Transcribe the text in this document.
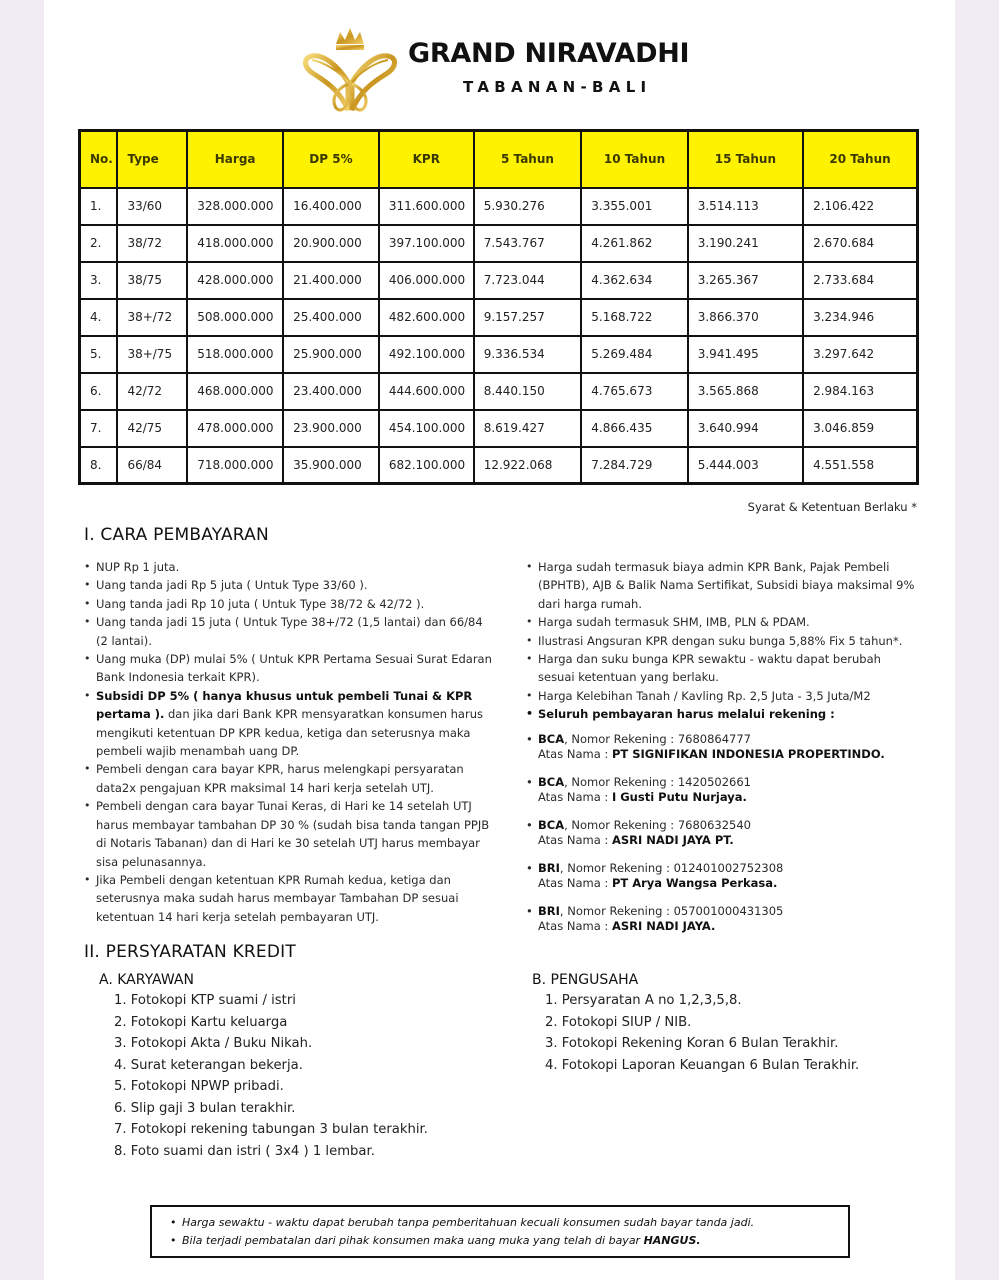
GRAND NIRAVADHI
TABANAN-BALI
No.	Type	Harga	DP 5%	KPR	5 Tahun	10 Tahun	15 Tahun	20 Tahun
1.	33/60	328.000.000	16.400.000	311.600.000	5.930.276	3.355.001	3.514.113	2.106.422
2.	38/72	418.000.000	20.900.000	397.100.000	7.543.767	4.261.862	3.190.241	2.670.684
3.	38/75	428.000.000	21.400.000	406.000.000	7.723.044	4.362.634	3.265.367	2.733.684
4.	38+/72	508.000.000	25.400.000	482.600.000	9.157.257	5.168.722	3.866.370	3.234.946
5.	38+/75	518.000.000	25.900.000	492.100.000	9.336.534	5.269.484	3.941.495	3.297.642
6.	42/72	468.000.000	23.400.000	444.600.000	8.440.150	4.765.673	3.565.868	2.984.163
7.	42/75	478.000.000	23.900.000	454.100.000	8.619.427	4.866.435	3.640.994	3.046.859
8.	66/84	718.000.000	35.900.000	682.100.000	12.922.068	7.284.729	5.444.003	4.551.558
Syarat & Ketentuan Berlaku *
I. CARA PEMBAYARAN
• NUP Rp 1 juta.
• Uang tanda jadi Rp 5 juta ( Untuk Type 33/60 ).
• Uang tanda jadi Rp 10 juta ( Untuk Type 38/72 & 42/72 ).
• Uang tanda jadi 15 juta ( Untuk Type 38+/72 (1,5 lantai) dan 66/84 (2 lantai).
• Uang muka (DP) mulai 5% ( Untuk KPR Pertama Sesuai Surat Edaran Bank Indonesia terkait KPR).
• Subsidi DP 5% ( hanya khusus untuk pembeli Tunai & KPR pertama ). dan jika dari Bank KPR mensyaratkan konsumen harus mengikuti ketentuan DP KPR kedua, ketiga dan seterusnya maka pembeli wajib menambah uang DP.
• Pembeli dengan cara bayar KPR, harus melengkapi persyaratan data2x pengajuan KPR maksimal 14 hari kerja setelah UTJ.
• Pembeli dengan cara bayar Tunai Keras, di Hari ke 14 setelah UTJ harus membayar tambahan DP 30 % (sudah bisa tanda tangan PPJB di Notaris Tabanan) dan di Hari ke 30 setelah UTJ harus membayar sisa pelunasannya.
• Jika Pembeli dengan ketentuan KPR Rumah kedua, ketiga dan seterusnya maka sudah harus membayar Tambahan DP sesuai ketentuan 14 hari kerja setelah pembayaran UTJ.
• Harga sudah termasuk biaya admin KPR Bank, Pajak Pembeli (BPHTB), AJB & Balik Nama Sertifikat, Subsidi biaya maksimal 9% dari harga rumah.
• Harga sudah termasuk SHM, IMB, PLN & PDAM.
• Ilustrasi Angsuran KPR dengan suku bunga 5,88% Fix 5 tahun*.
• Harga dan suku bunga KPR sewaktu - waktu dapat berubah sesuai ketentuan yang berlaku.
• Harga Kelebihan Tanah / Kavling Rp. 2,5 Juta - 3,5 Juta/M2
• Seluruh pembayaran harus melalui rekening :
• BCA, Nomor Rekening : 7680864777
Atas Nama : PT SIGNIFIKAN INDONESIA PROPERTINDO.
• BCA, Nomor Rekening : 1420502661
Atas Nama : I Gusti Putu Nurjaya.
• BCA, Nomor Rekening : 7680632540
Atas Nama : ASRI NADI JAYA PT.
• BRI, Nomor Rekening : 012401002752308
Atas Nama : PT Arya Wangsa Perkasa.
• BRI, Nomor Rekening : 057001000431305
Atas Nama : ASRI NADI JAYA.
II. PERSYARATAN KREDIT
A. KARYAWAN
1. Fotokopi KTP suami / istri
2. Fotokopi Kartu keluarga
3. Fotokopi Akta / Buku Nikah.
4. Surat keterangan bekerja.
5. Fotokopi NPWP pribadi.
6. Slip gaji 3 bulan terakhir.
7. Fotokopi rekening tabungan 3 bulan terakhir.
8. Foto suami dan istri ( 3x4 ) 1 lembar.
B. PENGUSAHA
1. Persyaratan A no 1,2,3,5,8.
2. Fotokopi SIUP / NIB.
3. Fotokopi Rekening Koran 6 Bulan Terakhir.
4. Fotokopi Laporan Keuangan 6 Bulan Terakhir.
• Harga sewaktu - waktu dapat berubah tanpa pemberitahuan kecuali konsumen sudah bayar tanda jadi.
• Bila terjadi pembatalan dari pihak konsumen maka uang muka yang telah di bayar HANGUS.
